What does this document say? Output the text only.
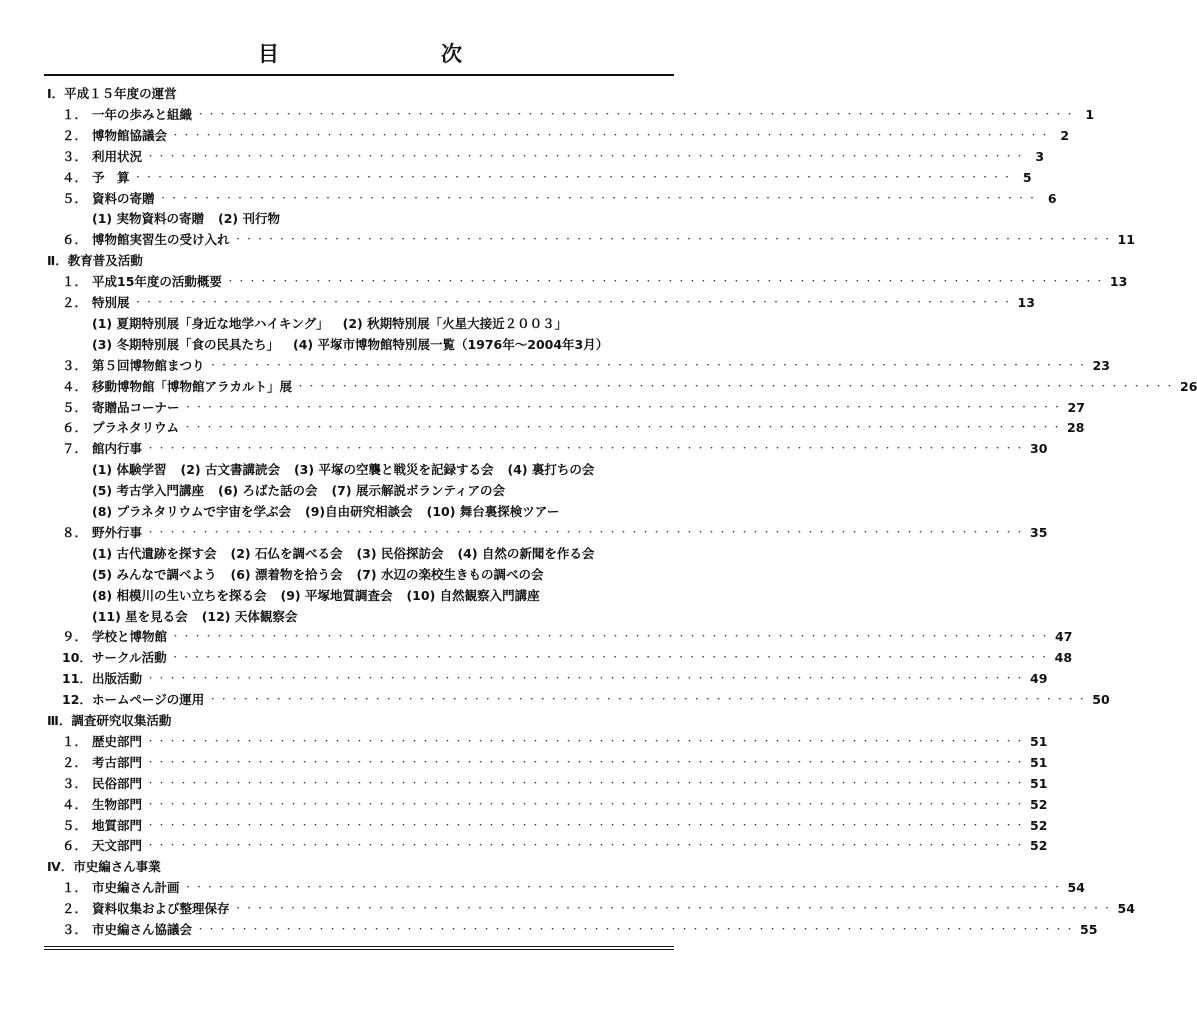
目　　次
Ⅰ．平成１５年度の運営
１． 一年の歩みと組織 ・・・・・・・・・・・・・・・・・・・・・・・・・・・・・・・・・・・・・・・・・・・・・・・・・・・・・・・・・・・・・・・・・・・・・・・・・・・・・・・・ 1
２． 博物館協議会 ・・・・・・・・・・・・・・・・・・・・・・・・・・・・・・・・・・・・・・・・・・・・・・・・・・・・・・・・・・・・・・・・・・・・・・・・・・・・・・・・ 2
３． 利用状況 ・・・・・・・・・・・・・・・・・・・・・・・・・・・・・・・・・・・・・・・・・・・・・・・・・・・・・・・・・・・・・・・・・・・・・・・・・・・・・・・・ 3
４． 予　算 ・・・・・・・・・・・・・・・・・・・・・・・・・・・・・・・・・・・・・・・・・・・・・・・・・・・・・・・・・・・・・・・・・・・・・・・・・・・・・・・・ 5
５． 資料の寄贈 ・・・・・・・・・・・・・・・・・・・・・・・・・・・・・・・・・・・・・・・・・・・・・・・・・・・・・・・・・・・・・・・・・・・・・・・・・・・・・・・・ 6
(1) 実物資料の寄贈 (2) 刊行物
６． 博物館実習生の受け入れ ・・・・・・・・・・・・・・・・・・・・・・・・・・・・・・・・・・・・・・・・・・・・・・・・・・・・・・・・・・・・・・・・・・・・・・・・・・・・・・・・ 11
Ⅱ．教育普及活動
１． 平成15年度の活動概要 ・・・・・・・・・・・・・・・・・・・・・・・・・・・・・・・・・・・・・・・・・・・・・・・・・・・・・・・・・・・・・・・・・・・・・・・・・・・・・・・・ 13
２． 特別展 ・・・・・・・・・・・・・・・・・・・・・・・・・・・・・・・・・・・・・・・・・・・・・・・・・・・・・・・・・・・・・・・・・・・・・・・・・・・・・・・・ 13
(1) 夏期特別展「身近な地学ハイキング」 (2) 秋期特別展「火星大接近２００３」
(3) 冬期特別展「食の民具たち」 (4) 平塚市博物館特別展一覧（1976年～2004年3月）
３． 第５回博物館まつり ・・・・・・・・・・・・・・・・・・・・・・・・・・・・・・・・・・・・・・・・・・・・・・・・・・・・・・・・・・・・・・・・・・・・・・・・・・・・・・・・ 23
４． 移動博物館「博物館アラカルト」展 ・・・・・・・・・・・・・・・・・・・・・・・・・・・・・・・・・・・・・・・・・・・・・・・・・・・・・・・・・・・・・・・・・・・・・・・・・・・・・・・・ 26
５． 寄贈品コーナー ・・・・・・・・・・・・・・・・・・・・・・・・・・・・・・・・・・・・・・・・・・・・・・・・・・・・・・・・・・・・・・・・・・・・・・・・・・・・・・・・ 27
６． プラネタリウム ・・・・・・・・・・・・・・・・・・・・・・・・・・・・・・・・・・・・・・・・・・・・・・・・・・・・・・・・・・・・・・・・・・・・・・・・・・・・・・・・ 28
７． 館内行事 ・・・・・・・・・・・・・・・・・・・・・・・・・・・・・・・・・・・・・・・・・・・・・・・・・・・・・・・・・・・・・・・・・・・・・・・・・・・・・・・・ 30
(1) 体験学習 (2) 古文書講読会 (3) 平塚の空襲と戦災を記録する会 (4) 裏打ちの会
(5) 考古学入門講座 (6) ろばた話の会 (7) 展示解説ボランティアの会
(8) プラネタリウムで宇宙を学ぶ会 (9)自由研究相談会 (10) 舞台裏探検ツアー
８． 野外行事 ・・・・・・・・・・・・・・・・・・・・・・・・・・・・・・・・・・・・・・・・・・・・・・・・・・・・・・・・・・・・・・・・・・・・・・・・・・・・・・・・ 35
(1) 古代遺跡を探す会 (2) 石仏を調べる会 (3) 民俗探訪会 (4) 自然の新聞を作る会
(5) みんなで調べよう (6) 漂着物を拾う会 (7) 水辺の楽校生きもの調べの会
(8) 相模川の生い立ちを探る会 (9) 平塚地質調査会 (10) 自然観察入門講座
(11) 星を見る会 (12) 天体観察会
９． 学校と博物館 ・・・・・・・・・・・・・・・・・・・・・・・・・・・・・・・・・・・・・・・・・・・・・・・・・・・・・・・・・・・・・・・・・・・・・・・・・・・・・・・・ 47
10． サークル活動 ・・・・・・・・・・・・・・・・・・・・・・・・・・・・・・・・・・・・・・・・・・・・・・・・・・・・・・・・・・・・・・・・・・・・・・・・・・・・・・・・ 48
11． 出版活動 ・・・・・・・・・・・・・・・・・・・・・・・・・・・・・・・・・・・・・・・・・・・・・・・・・・・・・・・・・・・・・・・・・・・・・・・・・・・・・・・・ 49
12． ホームページの運用 ・・・・・・・・・・・・・・・・・・・・・・・・・・・・・・・・・・・・・・・・・・・・・・・・・・・・・・・・・・・・・・・・・・・・・・・・・・・・・・・・ 50
Ⅲ．調査研究収集活動
１． 歴史部門 ・・・・・・・・・・・・・・・・・・・・・・・・・・・・・・・・・・・・・・・・・・・・・・・・・・・・・・・・・・・・・・・・・・・・・・・・・・・・・・・・ 51
２． 考古部門 ・・・・・・・・・・・・・・・・・・・・・・・・・・・・・・・・・・・・・・・・・・・・・・・・・・・・・・・・・・・・・・・・・・・・・・・・・・・・・・・・ 51
３． 民俗部門 ・・・・・・・・・・・・・・・・・・・・・・・・・・・・・・・・・・・・・・・・・・・・・・・・・・・・・・・・・・・・・・・・・・・・・・・・・・・・・・・・ 51
４． 生物部門 ・・・・・・・・・・・・・・・・・・・・・・・・・・・・・・・・・・・・・・・・・・・・・・・・・・・・・・・・・・・・・・・・・・・・・・・・・・・・・・・・ 52
５． 地質部門 ・・・・・・・・・・・・・・・・・・・・・・・・・・・・・・・・・・・・・・・・・・・・・・・・・・・・・・・・・・・・・・・・・・・・・・・・・・・・・・・・ 52
６． 天文部門 ・・・・・・・・・・・・・・・・・・・・・・・・・・・・・・・・・・・・・・・・・・・・・・・・・・・・・・・・・・・・・・・・・・・・・・・・・・・・・・・・ 52
Ⅳ．市史編さん事業
１． 市史編さん計画 ・・・・・・・・・・・・・・・・・・・・・・・・・・・・・・・・・・・・・・・・・・・・・・・・・・・・・・・・・・・・・・・・・・・・・・・・・・・・・・・・ 54
２． 資料収集および整理保存 ・・・・・・・・・・・・・・・・・・・・・・・・・・・・・・・・・・・・・・・・・・・・・・・・・・・・・・・・・・・・・・・・・・・・・・・・・・・・・・・・ 54
３． 市史編さん協議会 ・・・・・・・・・・・・・・・・・・・・・・・・・・・・・・・・・・・・・・・・・・・・・・・・・・・・・・・・・・・・・・・・・・・・・・・・・・・・・・・・ 55
